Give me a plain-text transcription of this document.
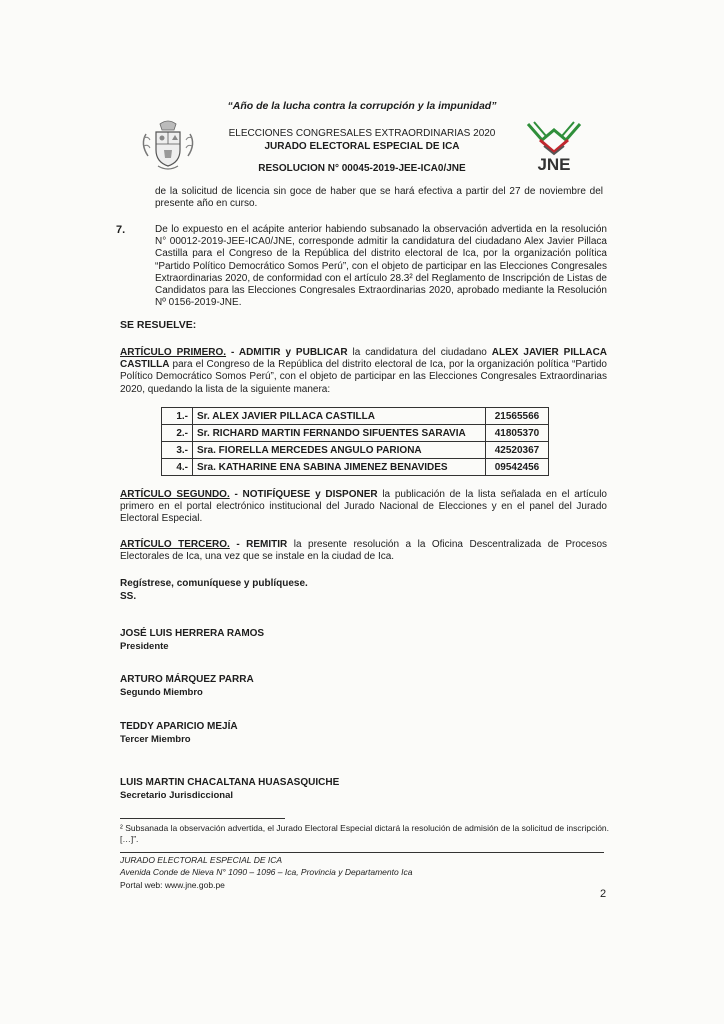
“Año de la lucha contra la corrupción y la impunidad”
ELECCIONES CONGRESALES EXTRAORDINARIAS 2020
JURADO ELECTORAL ESPECIAL DE ICA
RESOLUCION N° 00045-2019-JEE-ICA0/JNE	JNE
de la solicitud de licencia sin goce de haber que se hará efectiva a partir del 27 de noviembre del presente año en curso.
7.	De lo expuesto en el acápite anterior habiendo subsanado la observación advertida en la resolución N° 00012-2019-JEE-ICA0/JNE, corresponde admitir la candidatura del ciudadano Alex Javier Pillaca Castilla para el Congreso de la República del distrito electoral de Ica, por la organización política “Partido Político Democrático Somos Perú”, con el objeto de participar en las Elecciones Congresales Extraordinarias 2020, de conformidad con el artículo 28.3² del Reglamento de Inscripción de Listas de Candidatos para las Elecciones Congresales Extraordinarias 2020, aprobado mediante la Resolución Nº 0156-2019-JNE.
SE RESUELVE:
ARTÍCULO PRIMERO. - ADMITIR y PUBLICAR la candidatura del ciudadano ALEX JAVIER PILLACA CASTILLA para el Congreso de la República del distrito electoral de Ica, por la organización política “Partido Político Democrático Somos Perú”, con el objeto de participar en las Elecciones Congresales Extraordinarias 2020, quedando la lista de la siguiente manera:
1.-	Sr. ALEX JAVIER PILLACA CASTILLA	21565566
2.-	Sr. RICHARD MARTIN FERNANDO SIFUENTES SARAVIA	41805370
3.-	Sra. FIORELLA MERCEDES ANGULO PARIONA	42520367
4.-	Sra. KATHARINE ENA SABINA JIMENEZ BENAVIDES	09542456
ARTÍCULO SEGUNDO. - NOTIFÍQUESE y DISPONER la publicación de la lista señalada en el artículo primero en el portal electrónico institucional del Jurado Nacional de Elecciones y en el panel del Jurado Electoral Especial.
ARTÍCULO TERCERO. - REMITIR la presente resolución a la Oficina Descentralizada de Procesos Electorales de Ica, una vez que se instale en la ciudad de Ica.
Regístrese, comuníquese y publíquese.
SS.
JOSÉ LUIS HERRERA RAMOS
Presidente
ARTURO MÁRQUEZ PARRA
Segundo Miembro
TEDDY APARICIO MEJÍA
Tercer Miembro
LUIS MARTIN CHACALTANA HUASASQUICHE
Secretario Jurisdiccional
² Subsanada la observación advertida, el Jurado Electoral Especial dictará la resolución de admisión de la solicitud de inscripción. […]”.
JURADO ELECTORAL ESPECIAL DE ICA
Avenida Conde de Nieva N° 1090 – 1096 – Ica, Provincia y Departamento Ica
Portal web: www.jne.gob.pe
2
